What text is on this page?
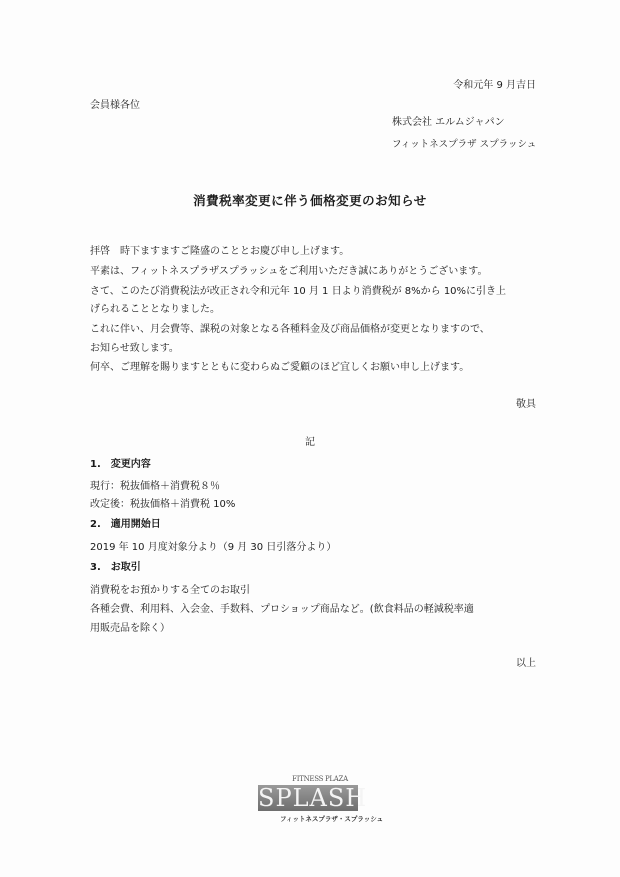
令和元年 9 月吉日
会員様各位
株式会社 エルムジャパン
フィットネスプラザ スプラッシュ
消費税率変更に伴う価格変更のお知らせ
拝啓　時下ますますご隆盛のこととお慶び申し上げます。
平素は、フィットネスプラザスプラッシュをご利用いただき誠にありがとうございます。
さて、このたび消費税法が改正され令和元年 10 月 1 日より消費税が 8%から 10%に引き上
げられることとなりました。
これに伴い、月会費等、課税の対象となる各種料金及び商品価格が変更となりますので、
お知らせ致します。
何卒、ご理解を賜りますとともに変わらぬご愛顧のほど宜しくお願い申し上げます。
敬具
記
1.　変更内容
現行：税抜価格＋消費税８％
改定後：税抜価格＋消費税 10%
2.　適用開始日
2019 年 10 月度対象分より（9 月 30 日引落分より）
3.　お取引
消費税をお預かりする全てのお取引
各種会費、利用料、入会金、手数料、プロショップ商品など。(飲食料品の軽減税率適
用販売品を除く）
以上
FITNESS PLAZA
SPLASH
フィットネスプラザ・スプラッシュ
